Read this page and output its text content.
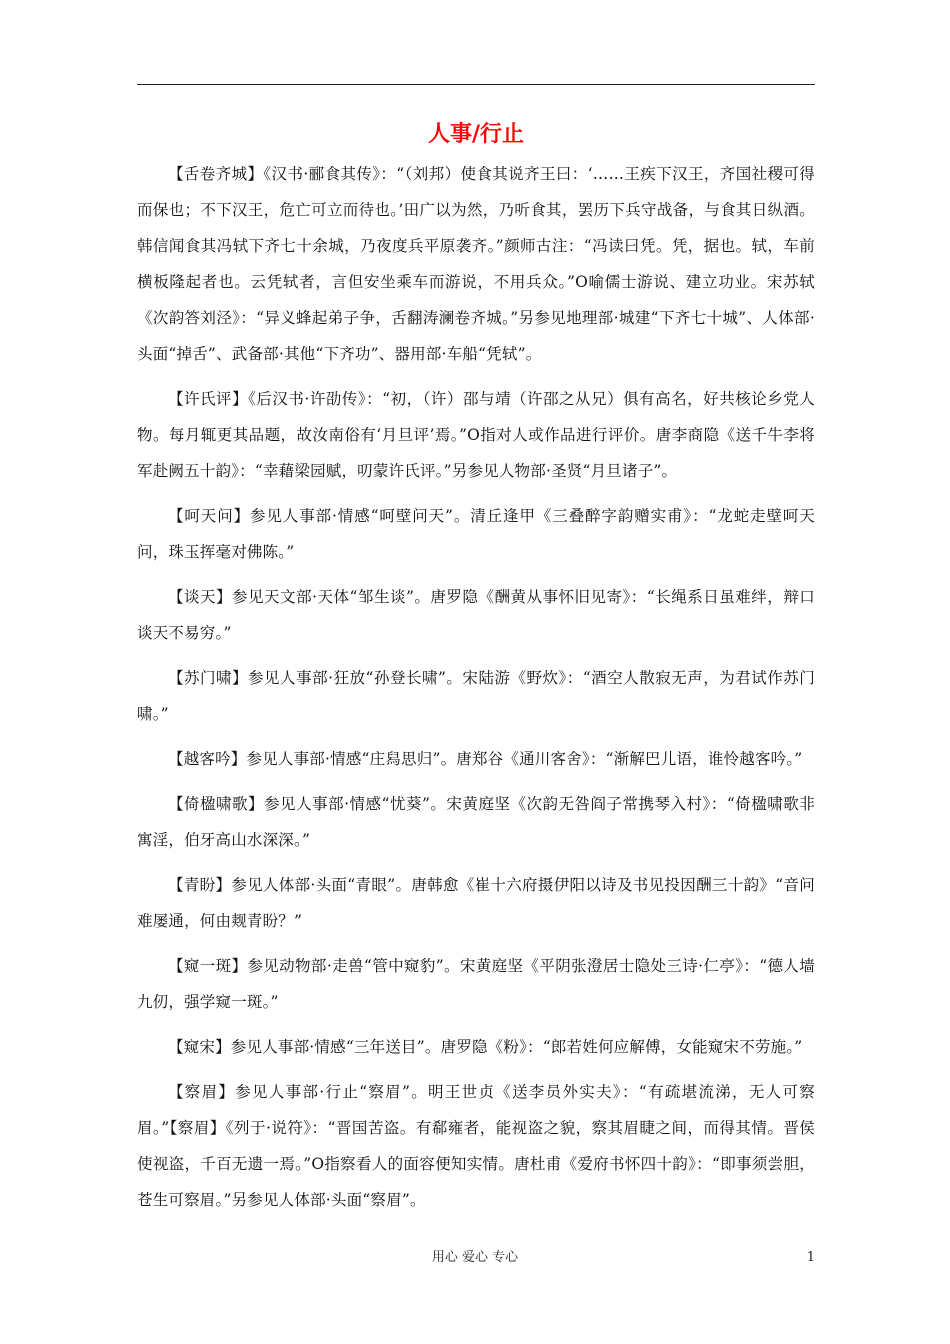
人事/行止

【舌卷齐城】《汉书·郦食其传》：“（刘邦）使食其说齐王曰：‘……王疾下汉王，齐国社稷可得而保也；不下汉王，危亡可立而待也。’田广以为然，乃听食其，罢历下兵守战备，与食其日纵酒。韩信闻食其冯轼下齐七十余城，乃夜度兵平原袭齐。”颜师古注：“冯读曰凭。凭，据也。轼，车前横板隆起者也。云凭轼者，言但安坐乘车而游说，不用兵众。”O喻儒士游说、建立功业。宋苏轼《次韵答刘泾》：“异义蜂起弟子争，舌翻涛澜卷齐城。”另参见地理部·城建“下齐七十城”、人体部·头面“掉舌”、武备部·其他“下齐功”、器用部·车船“凭轼”。

【许氏评】《后汉书·许劭传》：“初，（许）邵与靖（许邵之从兄）俱有高名，好共核论乡党人物。每月辄更其品题，故汝南俗有‘月旦评’焉。”O指对人或作品进行评价。唐李商隐《送千牛李将军赴阙五十韵》：“幸藉梁园赋，叨蒙许氏评。”另参见人物部·圣贤“月旦诸子”。

【呵天问】参见人事部·情感“呵壁问天”。清丘逢甲《三叠醉字韵赠实甫》：“龙蛇走壁呵天问，珠玉挥毫对佛陈。”

【谈天】参见天文部·天体“邹生谈”。唐罗隐《酬黄从事怀旧见寄》：“长绳系日虽难绊，辩口谈天不易穷。”

【苏门啸】参见人事部·狂放“孙登长啸”。宋陆游《野炊》：“酒空人散寂无声，为君试作苏门啸。”

【越客吟】参见人事部·情感“庄舄思归”。唐郑谷《通川客舍》：“渐解巴儿语，谁怜越客吟。”

【倚楹啸歌】参见人事部·情感“忧葵”。宋黄庭坚《次韵无咎阎子常携琴入村》：“倚楹啸歌非寓淫，伯牙高山水深深。”

【青盼】参见人体部·头面“青眼”。唐韩愈《崔十六府摄伊阳以诗及书见投因酬三十韵》“音问难屡通，何由觌青盼？”

【窥一斑】参见动物部·走兽“管中窥豹”。宋黄庭坚《平阴张澄居士隐处三诗·仁亭》：“德人墙九仞，强学窥一斑。”

【窥宋】参见人事部·情感“三年送目”。唐罗隐《粉》：“郎若姓何应解傅，女能窥宋不劳施。”

【察眉】参见人事部·行止“察眉”。明王世贞《送李员外实夫》：“有疏堪流涕，无人可察眉。”【察眉】《列于·说符》：“晋国苦盗。有郗雍者，能视盗之貌，察其眉睫之间，而得其情。晋侯使视盗，千百无遗一焉。”O指察看人的面容便知实情。唐杜甫《爱府书怀四十韵》：“即事须尝胆，苍生可察眉。”另参见人体部·头面“察眉”。

用心 爱心 专心	1
